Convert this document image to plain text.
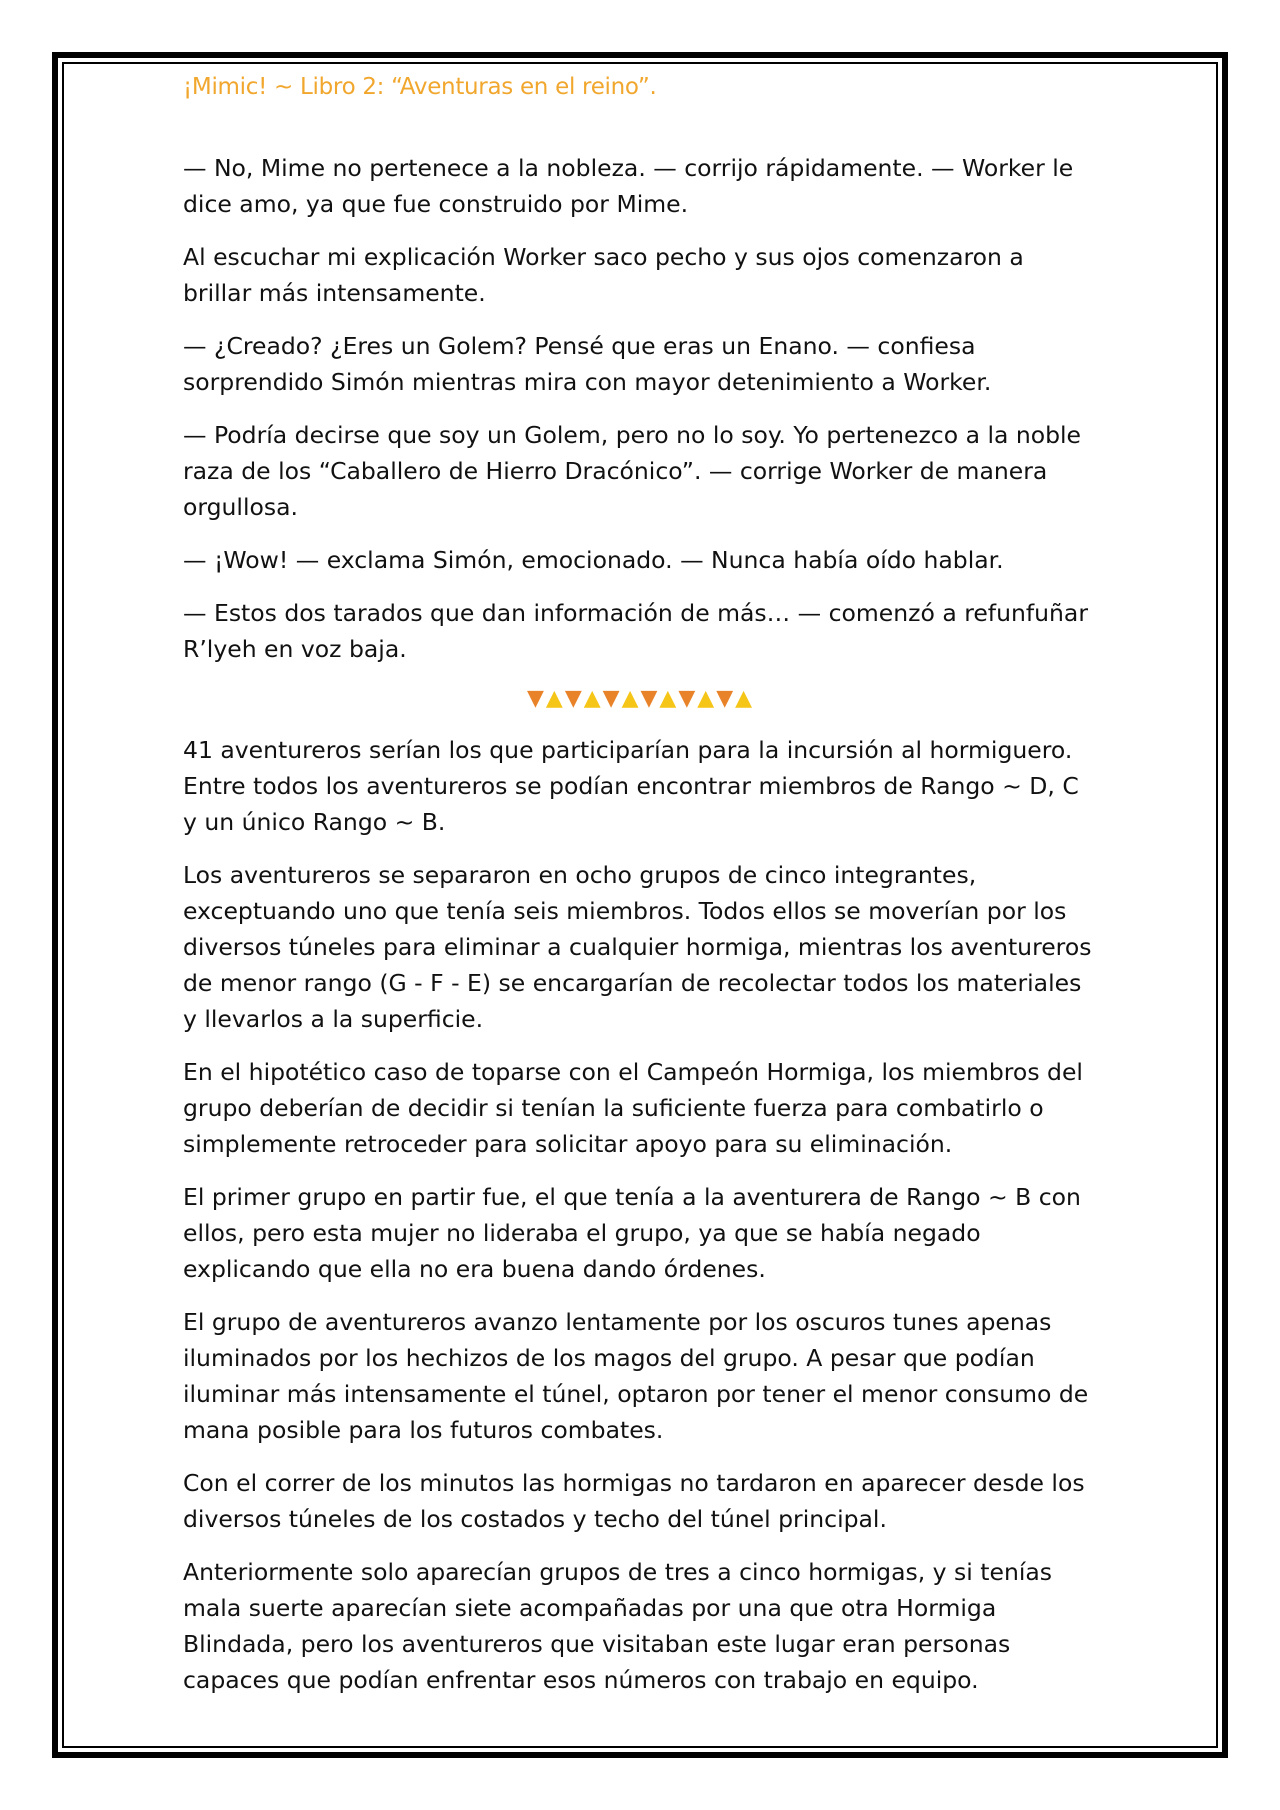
¡Mimic! ~ Libro 2: “Aventuras en el reino”.

— No, Mime no pertenece a la nobleza. — corrijo rápidamente. — Worker le dice amo, ya que fue construido por Mime.

Al escuchar mi explicación Worker saco pecho y sus ojos comenzaron a brillar más intensamente.

— ¿Creado? ¿Eres un Golem? Pensé que eras un Enano. — confiesa sorprendido Simón mientras mira con mayor detenimiento a Worker.

— Podría decirse que soy un Golem, pero no lo soy. Yo pertenezco a la noble raza de los “Caballero de Hierro Dracónico”. — corrige Worker de manera orgullosa.

— ¡Wow! — exclama Simón, emocionado. — Nunca había oído hablar.

— Estos dos tarados que dan información de más… — comenzó a refunfuñar R’lyeh en voz baja.

▼▲▼▲▼▲▼▲▼▲▼▲

41 aventureros serían los que participarían para la incursión al hormiguero. Entre todos los aventureros se podían encontrar miembros de Rango ~ D, C y un único Rango ~ B.

Los aventureros se separaron en ocho grupos de cinco integrantes, exceptuando uno que tenía seis miembros. Todos ellos se moverían por los diversos túneles para eliminar a cualquier hormiga, mientras los aventureros de menor rango (G - F - E) se encargarían de recolectar todos los materiales y llevarlos a la superficie.

En el hipotético caso de toparse con el Campeón Hormiga, los miembros del grupo deberían de decidir si tenían la suficiente fuerza para combatirlo o simplemente retroceder para solicitar apoyo para su eliminación.

El primer grupo en partir fue, el que tenía a la aventurera de Rango ~ B con ellos, pero esta mujer no lideraba el grupo, ya que se había negado explicando que ella no era buena dando órdenes.

El grupo de aventureros avanzo lentamente por los oscuros tunes apenas iluminados por los hechizos de los magos del grupo. A pesar que podían iluminar más intensamente el túnel, optaron por tener el menor consumo de mana posible para los futuros combates.

Con el correr de los minutos las hormigas no tardaron en aparecer desde los diversos túneles de los costados y techo del túnel principal.

Anteriormente solo aparecían grupos de tres a cinco hormigas, y si tenías mala suerte aparecían siete acompañadas por una que otra Hormiga Blindada, pero los aventureros que visitaban este lugar eran personas capaces que podían enfrentar esos números con trabajo en equipo.
